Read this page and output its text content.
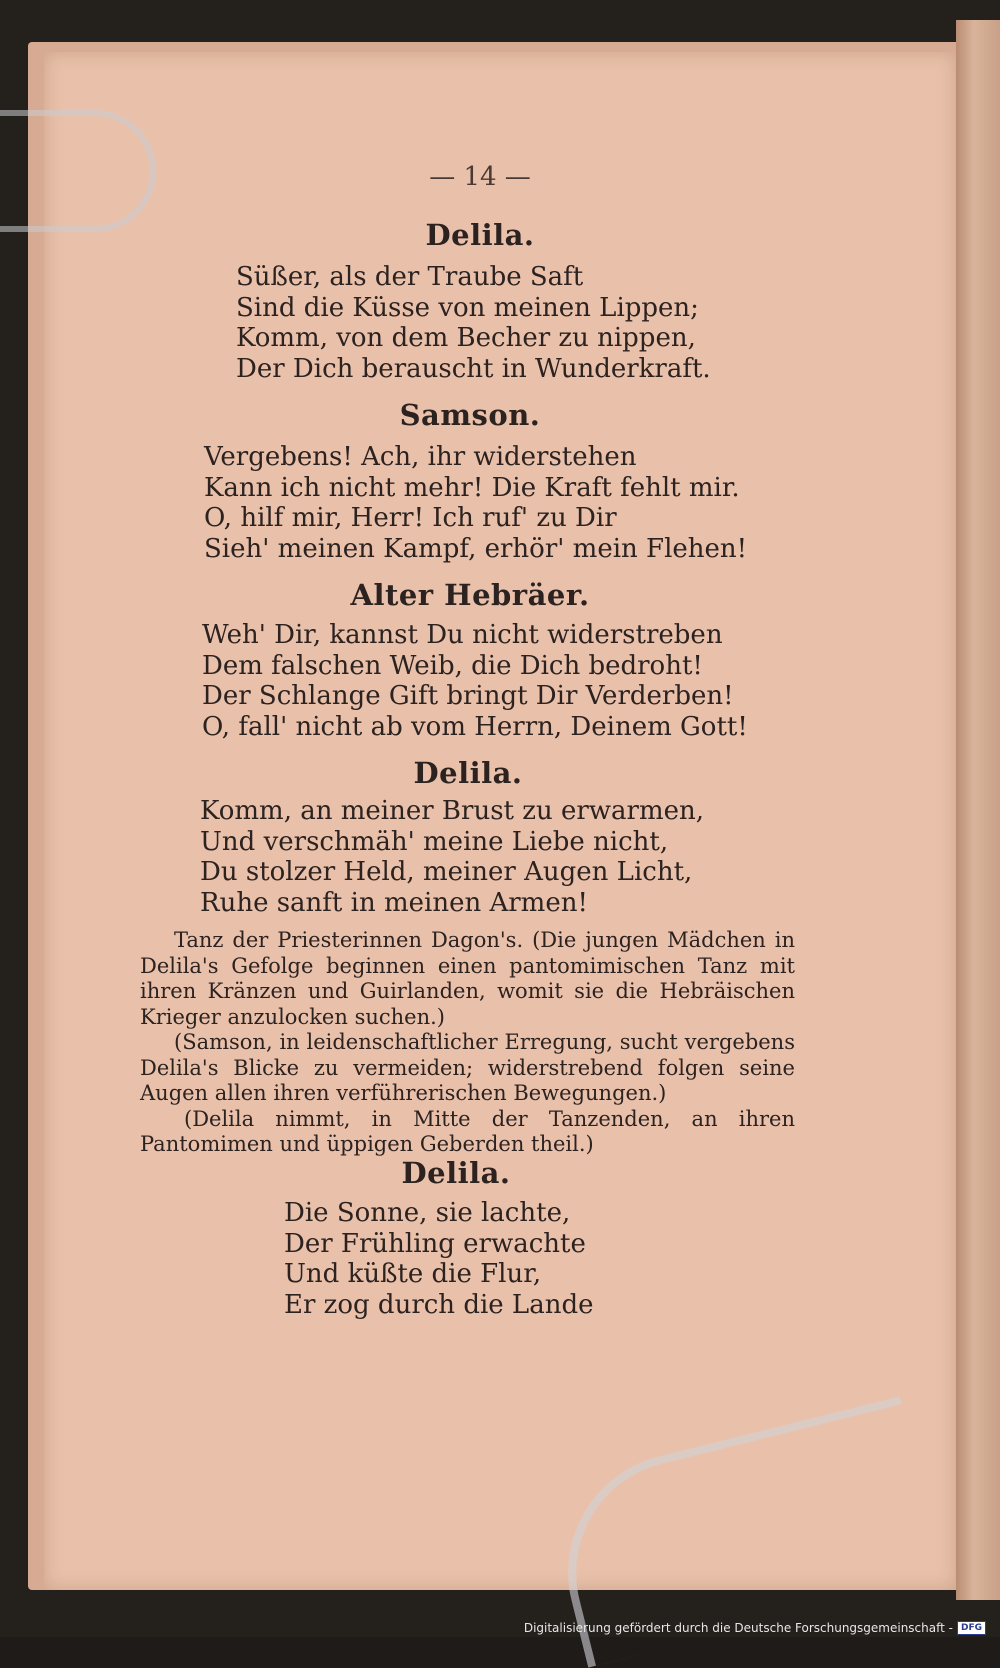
— 14 —
Delila.
Süßer, als der Traube Saft
Sind die Küsse von meinen Lippen;
Komm, von dem Becher zu nippen,
Der Dich berauscht in Wunderkraft.
Samson.
Vergebens! Ach, ihr widerstehen
Kann ich nicht mehr! Die Kraft fehlt mir.
O, hilf mir, Herr! Ich ruf' zu Dir
Sieh' meinen Kampf, erhör' mein Flehen!
Alter Hebräer.
Weh' Dir, kannst Du nicht widerstreben
Dem falschen Weib, die Dich bedroht!
Der Schlange Gift bringt Dir Verderben!
O, fall' nicht ab vom Herrn, Deinem Gott!
Delila.
Komm, an meiner Brust zu erwarmen,
Und verschmäh' meine Liebe nicht,
Du stolzer Held, meiner Augen Licht,
Ruhe sanft in meinen Armen!

Tanz der Priesterinnen Dagon's. (Die jungen Mädchen in Delila's Gefolge beginnen einen pantomimischen Tanz mit ihren Kränzen und Guirlanden, womit sie die Hebräischen Krieger anzulocken suchen.)

(Samson, in leidenschaftlicher Erregung, sucht vergebens Delila's Blicke zu vermeiden; widerstrebend folgen seine Augen allen ihren verführerischen Bewegungen.)

(Delila nimmt, in Mitte der Tanzenden, an ihren Pantomimen und üppigen Geberden theil.)

Delila.
Die Sonne, sie lachte,
Der Frühling erwachte
Und küßte die Flur,
Er zog durch die Lande
Digitalisierung gefördert durch die Deutsche Forschungsgemeinschaft - DFG
